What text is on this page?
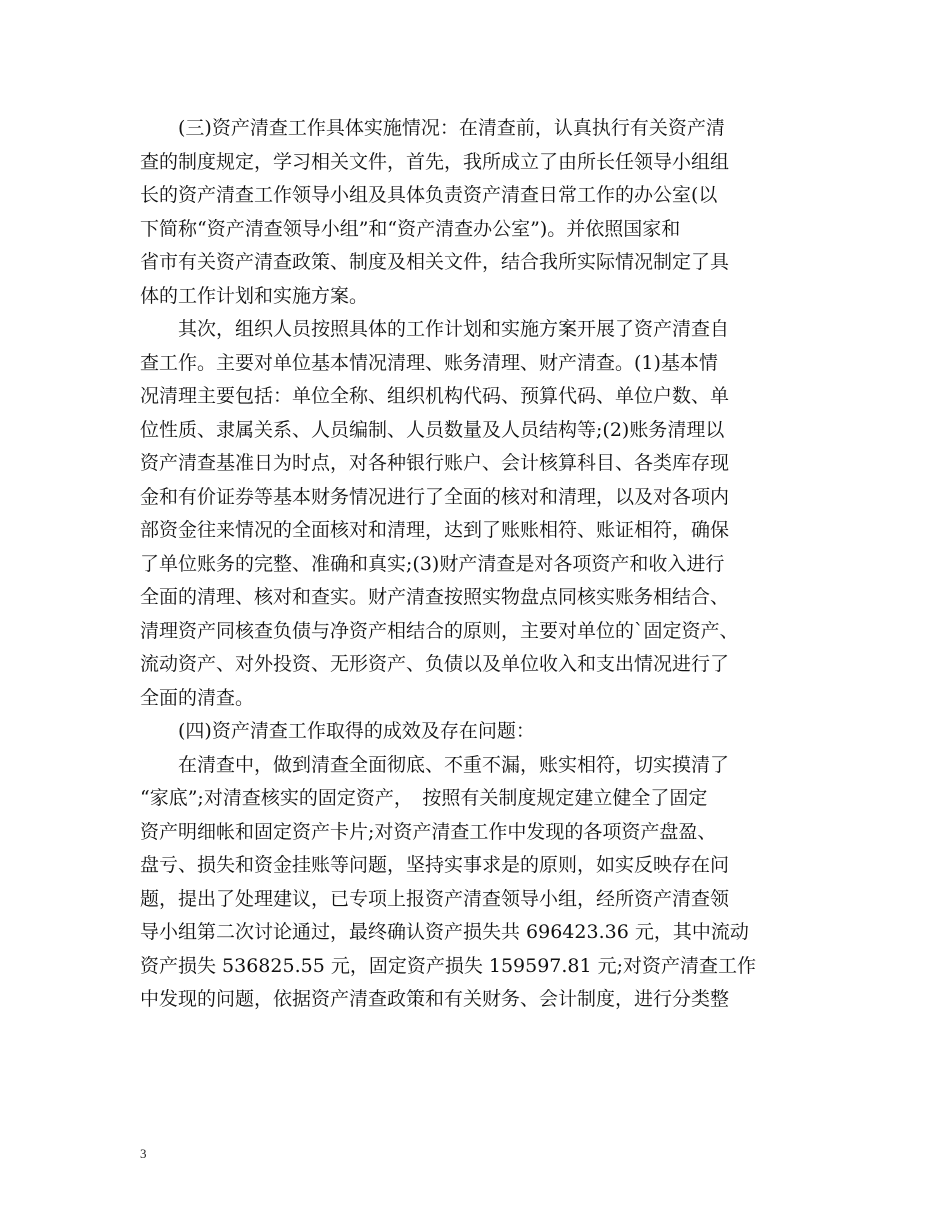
　　(三)资产清查工作具体实施情况：在清查前，认真执行有关资产清
查的制度规定，学习相关文件，首先，我所成立了由所长任领导小组组
长的资产清查工作领导小组及具体负责资产清查日常工作的办公室(以
下简称“资产清查领导小组”和“资产清查办公室”)。并依照国家和
省市有关资产清查政策、制度及相关文件，结合我所实际情况制定了具
体的工作计划和实施方案。
　　其次，组织人员按照具体的工作计划和实施方案开展了资产清查自
查工作。主要对单位基本情况清理、账务清理、财产清查。(1)基本情
况清理主要包括：单位全称、组织机构代码、预算代码、单位户数、单
位性质、隶属关系、人员编制、人员数量及人员结构等;(2)账务清理以
资产清查基准日为时点，对各种银行账户、会计核算科目、各类库存现
金和有价证券等基本财务情况进行了全面的核对和清理，以及对各项内
部资金往来情况的全面核对和清理，达到了账账相符、账证相符，确保
了单位账务的完整、准确和真实;(3)财产清查是对各项资产和收入进行
全面的清理、核对和查实。财产清查按照实物盘点同核实账务相结合、
清理资产同核查负债与净资产相结合的原则，主要对单位的`固定资产、
流动资产、对外投资、无形资产、负债以及单位收入和支出情况进行了
全面的清查。
　　(四)资产清查工作取得的成效及存在问题：
　　在清查中，做到清查全面彻底、不重不漏，账实相符，切实摸清了
“家底”;对清查核实的固定资产，　按照有关制度规定建立健全了固定
资产明细帐和固定资产卡片;对资产清查工作中发现的各项资产盘盈、
盘亏、损失和资金挂账等问题，坚持实事求是的原则，如实反映存在问
题，提出了处理建议，已专项上报资产清查领导小组，经所资产清查领
导小组第二次讨论通过，最终确认资产损失共 696423.36 元，其中流动
资产损失 536825.55 元，固定资产损失 159597.81 元;对资产清查工作
中发现的问题，依据资产清查政策和有关财务、会计制度，进行分类整
3
